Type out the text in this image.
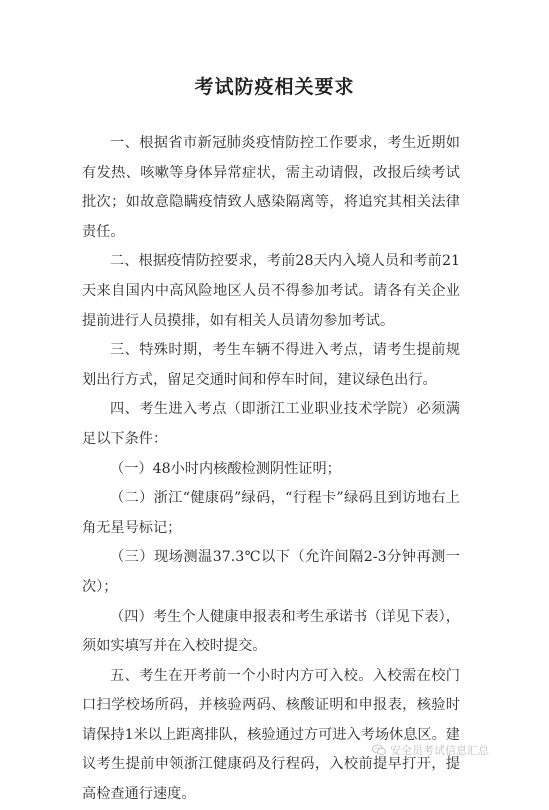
考试防疫相关要求

一、根据省市新冠肺炎疫情防控工作要求，考生近期如有发热、咳嗽等身体异常症状，需主动请假，改报后续考试批次；如故意隐瞒疫情致人感染隔离等，将追究其相关法律责任。

二、根据疫情防控要求，考前28天内入境人员和考前21天来自国内中高风险地区人员不得参加考试。请各有关企业提前进行人员摸排，如有相关人员请勿参加考试。

三、特殊时期，考生车辆不得进入考点，请考生提前规划出行方式，留足交通时间和停车时间，建议绿色出行。

四、考生进入考点（即浙江工业职业技术学院）必须满足以下条件：

（一）48小时内核酸检测阴性证明；

（二）浙江“健康码”绿码，“行程卡”绿码且到访地右上角无星号标记；

（三）现场测温37.3℃以下（允许间隔2-3分钟再测一次）；

（四）考生个人健康申报表和考生承诺书（详见下表），须如实填写并在入校时提交。

五、考生在开考前一个小时内方可入校。入校需在校门口扫学校场所码，并核验两码、核酸证明和申报表，核验时请保持1米以上距离排队，核验通过方可进入考场休息区。建议考生提前申领浙江健康码及行程码，入校前提早打开，提高检查通行速度。

安全员考试信息汇总
